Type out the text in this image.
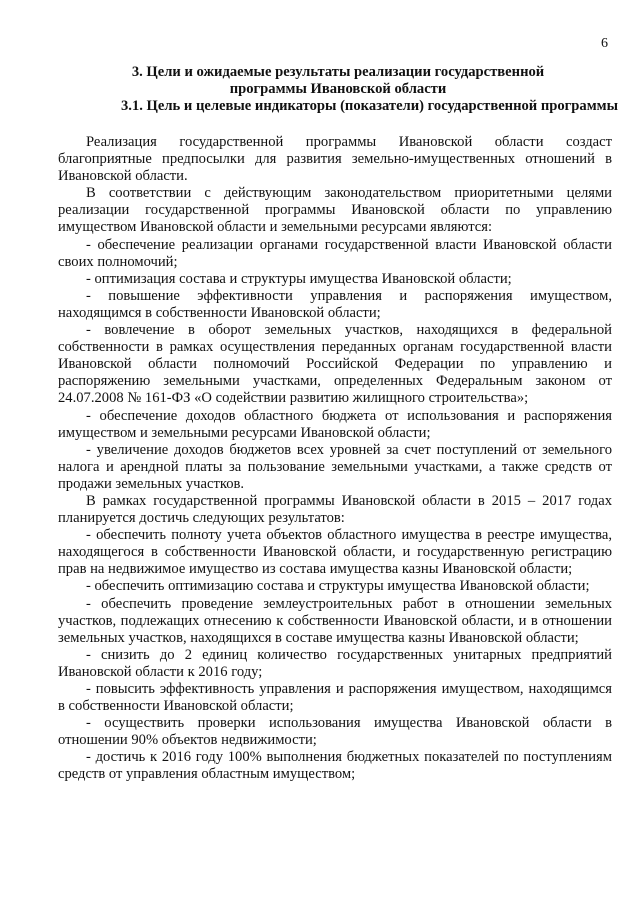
6

3. Цели и ожидаемые результаты реализации государственной

программы Ивановской области

3.1. Цель и целевые индикаторы (показатели) государственной программы

Реализация государственной программы Ивановской области создаст благоприятные предпосылки для развития земельно-имущественных отношений в Ивановской области.

В соответствии с действующим законодательством приоритетными целями реализации государственной программы Ивановской области по управлению имуществом Ивановской области и земельными ресурсами являются:

- обеспечение реализации органами государственной власти Ивановской области своих полномочий;

- оптимизация состава и структуры имущества Ивановской области;

- повышение эффективности управления и распоряжения имуществом, находящимся в собственности Ивановской области;

- вовлечение в оборот земельных участков, находящихся в федеральной собственности в рамках осуществления переданных органам государственной власти Ивановской области полномочий Российской Федерации по управлению и распоряжению земельными участками, определенных Федеральным законом от 24.07.2008 № 161-ФЗ «О содействии развитию жилищного строительства»;

- обеспечение доходов областного бюджета от использования и распоряжения имуществом и земельными ресурсами Ивановской области;

- увеличение доходов бюджетов всех уровней за счет поступлений от земельного налога и арендной платы за пользование земельными участками, а также средств от продажи земельных участков.

В рамках государственной программы Ивановской области в 2015 – 2017 годах планируется достичь следующих результатов:

- обеспечить полноту учета объектов областного имущества в реестре имущества, находящегося в собственности Ивановской области, и государственную регистрацию прав на недвижимое имущество из состава имущества казны Ивановской области;

- обеспечить оптимизацию состава и структуры имущества Ивановской области;

- обеспечить проведение землеустроительных работ в отношении земельных участков, подлежащих отнесению к собственности Ивановской области, и в отношении земельных участков, находящихся в составе имущества казны Ивановской области;

- снизить до 2 единиц количество государственных унитарных предприятий Ивановской области к 2016 году;

- повысить эффективность управления и распоряжения имуществом, находящимся в собственности Ивановской области;

- осуществить проверки использования имущества Ивановской области в отношении 90% объектов недвижимости;

- достичь к 2016 году 100% выполнения бюджетных показателей по поступлениям средств от управления областным имуществом;
